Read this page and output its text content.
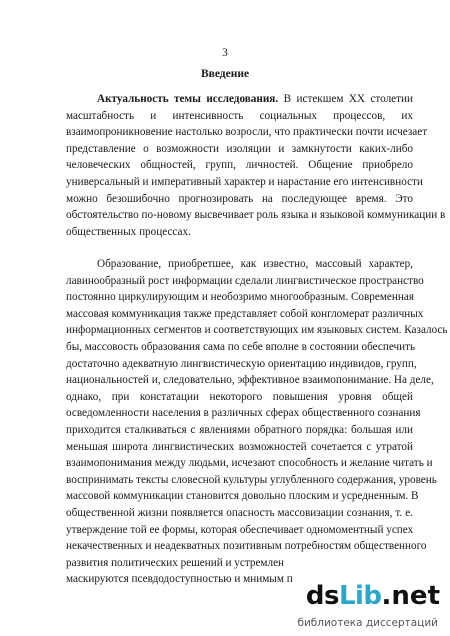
3
Введение
Актуальность темы исследования. В истекшем XX столетии
масштабность и интенсивность социальных процессов, их
взаимопроникновение настолько возросли, что практически почти исчезает
представление о возможности изоляции и замкнутости каких-либо
человеческих общностей, групп, личностей. Общение приобрело
универсальный и императивный характер и нарастание его интенсивности
можно безошибочно прогнозировать на последующее время. Это
обстоятельство по-новому высвечивает роль языка и языковой коммуникации в
общественных процессах.
Образование, приобретшее, как известно, массовый характер,
лавинообразный рост информации сделали лингвистическое пространство
постоянно циркулирующим и необозримо многообразным. Современная
массовая коммуникация также представляет собой конгломерат различных
информационных сегментов и соответствующих им языковых систем. Казалось
бы, массовость образования сама по себе вполне в состоянии обеспечить
достаточно адекватную лингвистическую ориентацию индивидов, групп,
национальностей и, следовательно, эффективное взаимопонимание. На деле,
однако, при констатации некоторого повышения уровня общей
осведомленности населения в различных сферах общественного сознания
приходится сталкиваться с явлениями обратного порядка: большая или
меньшая широта лингвистических возможностей сочетается с утратой
взаимопонимания между людьми, исчезают способность и желание читать и
воспринимать тексты словесной культуры углубленного содержания, уровень
массовой коммуникации становится довольно плоским и усредненным. В
общественной жизни появляется опасность массовизации сознания, т. е.
утверждение той ее формы, которая обеспечивает одномоментный успех
некачественных и неадекватных позитивным потребностям общественного
развития политических решений и устремлен
маскируются псевдодоступностью и мнимым п
ds Lib .net
библиотека диссертаций
